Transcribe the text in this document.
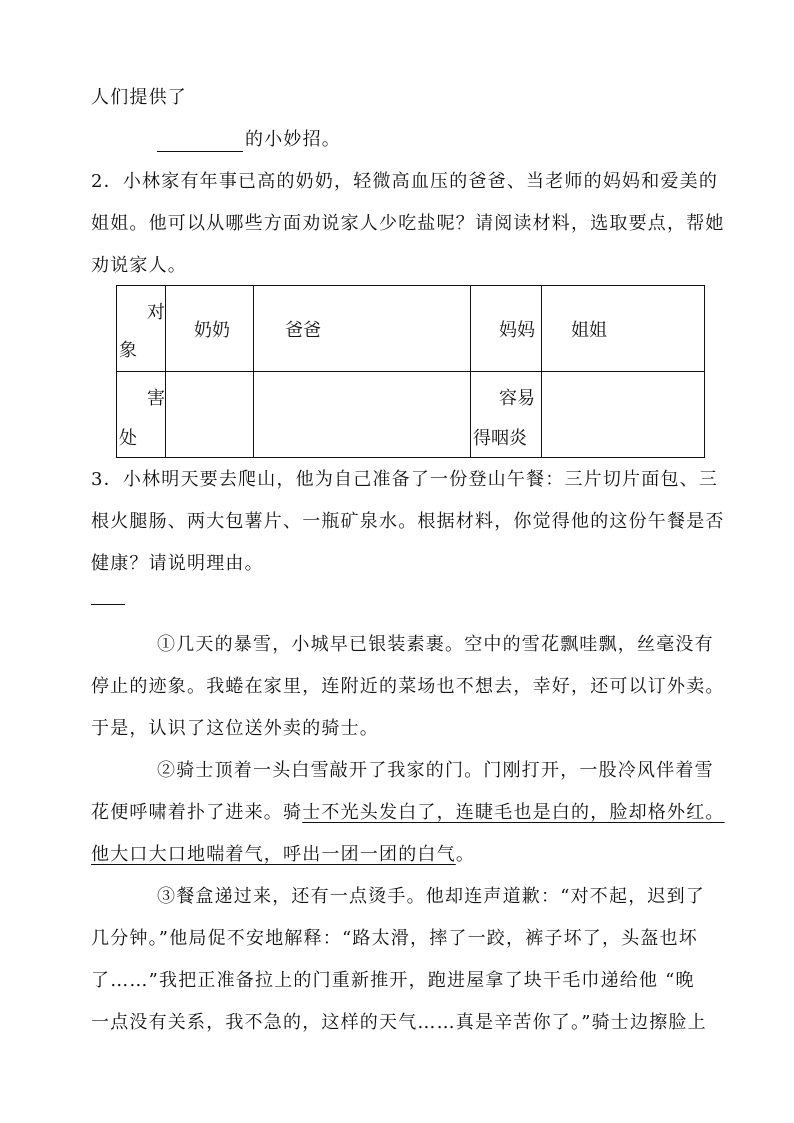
人们提供了
的小妙招。
2．小林家有年事已高的奶奶，轻微高血压的爸爸、当老师的妈妈和爱美的
姐姐。他可以从哪些方面劝说家人少吃盐呢？请阅读材料，选取要点，帮她
劝说家人。
对
象	奶奶	爸爸	妈妈	姐姐

害
处			容易
得咽炎	

3．小林明天要去爬山，他为自己准备了一份登山午餐：三片切片面包、三
根火腿肠、两大包薯片、一瓶矿泉水。根据材料，你觉得他的这份午餐是否
健康？请说明理由。
①几天的暴雪，小城早已银装素裹。空中的雪花飘哇飘，丝毫没有
停止的迹象。我蜷在家里，连附近的菜场也不想去，幸好，还可以订外卖。
于是，认识了这位送外卖的骑士。
②骑士顶着一头白雪敲开了我家的门。门刚打开，一股冷风伴着雪
花便呼啸着扑了进来。骑士不光头发白了，连睫毛也是白的，脸却格外红。
他大口大口地喘着气，呼出一团一团的白气。
③餐盒递过来，还有一点烫手。他却连声道歉：“对不起，迟到了
几分钟。”他局促不安地解释：“路太滑，摔了一跤，裤子坏了，头盔也坏
了……”我把正准备拉上的门重新推开，跑进屋拿了块干毛巾递给他 “晚
一点没有关系，我不急的，这样的天气……真是辛苦你了。”骑士边擦脸上
